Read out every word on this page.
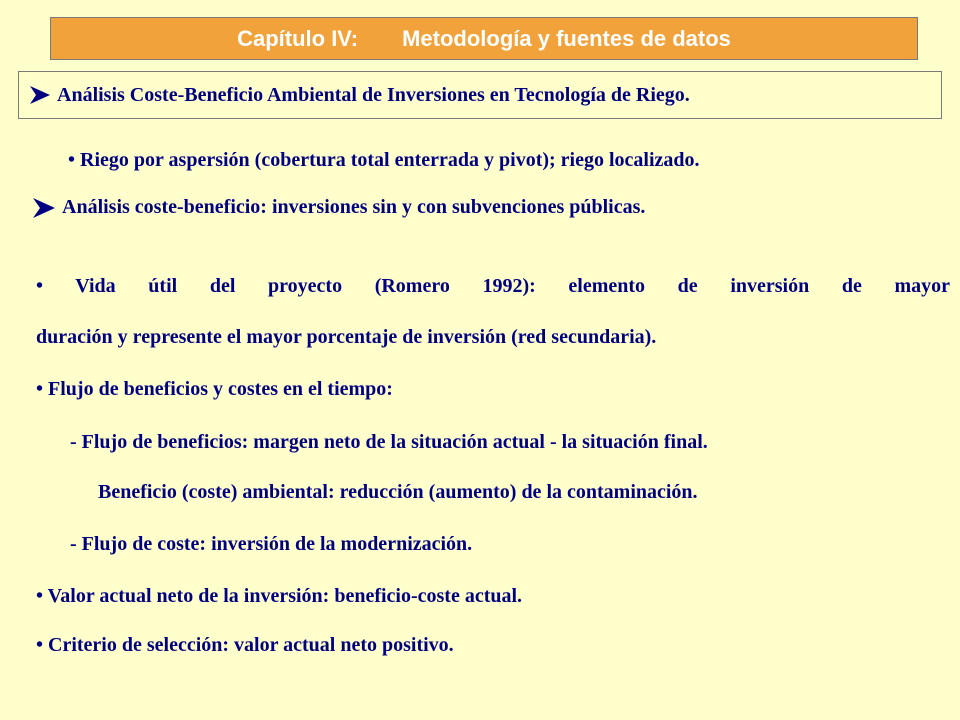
Capítulo IV: Metodología y fuentes de datos
Análisis Coste-Beneficio Ambiental de Inversiones en Tecnología de Riego.
• Riego por aspersión (cobertura total enterrada y pivot); riego localizado.
Análisis coste-beneficio: inversiones sin y con subvenciones públicas.
• Vida útil del proyecto (Romero 1992): elemento de inversión de mayor
duración y represente el mayor porcentaje de inversión (red secundaria).
• Flujo de beneficios y costes en el tiempo:
- Flujo de beneficios: margen neto de la situación actual - la situación final.
Beneficio (coste) ambiental: reducción (aumento) de la contaminación.
- Flujo de coste: inversión de la modernización.
• Valor actual neto de la inversión: beneficio-coste actual.
• Criterio de selección: valor actual neto positivo.
